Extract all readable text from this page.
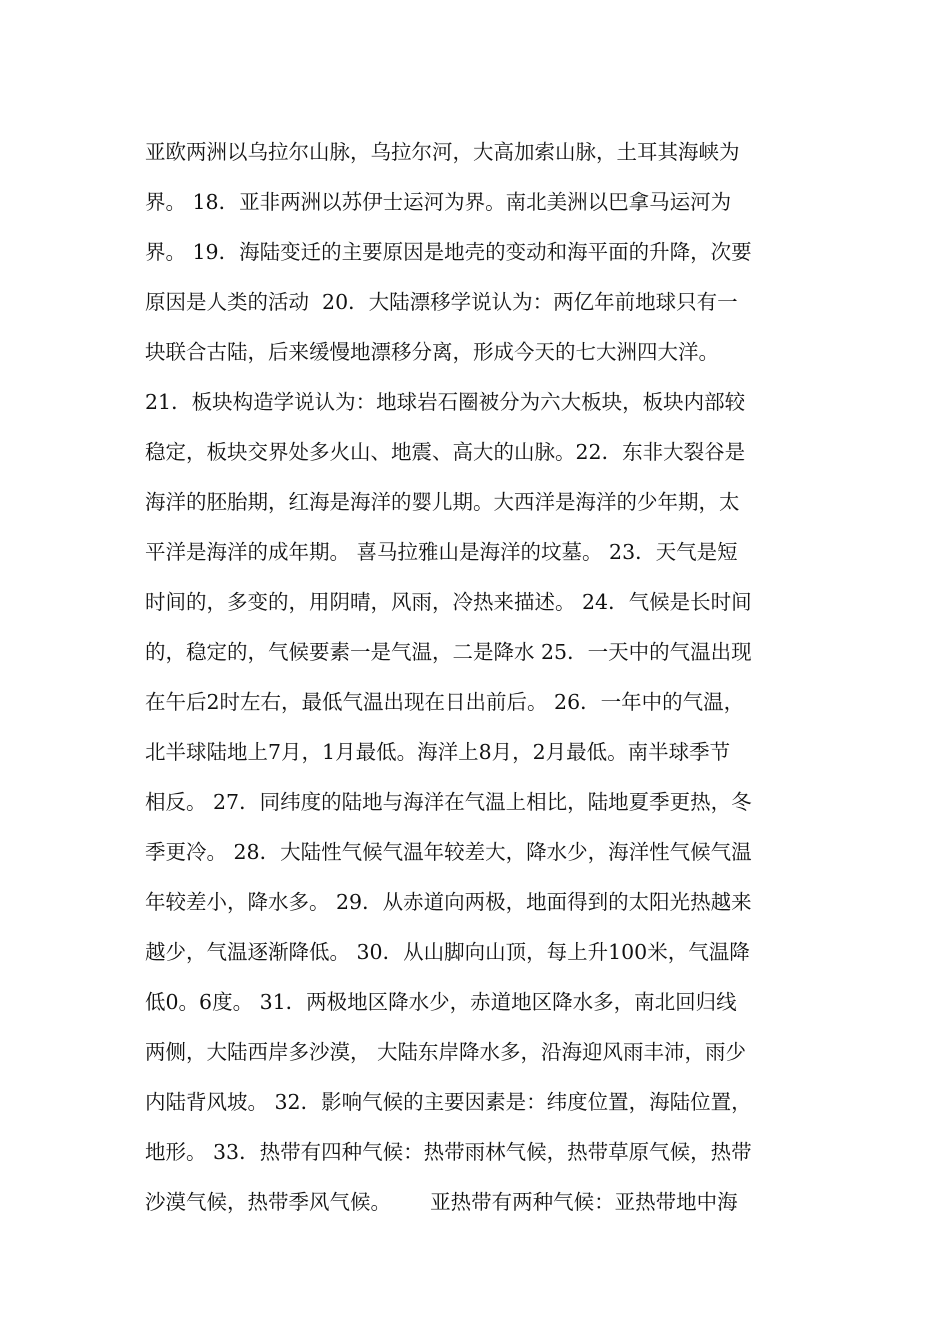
亚欧两洲以乌拉尔山脉，乌拉尔河，大高加索山脉，土耳其海峡为
界。 18．亚非两洲以苏伊士运河为界。南北美洲以巴拿马运河为
界。 19．海陆变迁的主要原因是地壳的变动和海平面的升降，次要
原因是人类的活动  20．大陆漂移学说认为：两亿年前地球只有一
块联合古陆，后来缓慢地漂移分离，形成今天的七大洲四大洋。
21．板块构造学说认为：地球岩石圈被分为六大板块，板块内部较
稳定，板块交界处多火山、地震、高大的山脉。22．东非大裂谷是
海洋的胚胎期，红海是海洋的婴儿期。大西洋是海洋的少年期，太
平洋是海洋的成年期。 喜马拉雅山是海洋的坟墓。 23．天气是短
时间的，多变的，用阴晴，风雨，冷热来描述。 24．气候是长时间
的，稳定的，气候要素一是气温，二是降水 25．一天中的气温出现
在午后2时左右，最低气温出现在日出前后。 26．一年中的气温，
北半球陆地上7月，1月最低。海洋上8月，2月最低。南半球季节
相反。 27．同纬度的陆地与海洋在气温上相比，陆地夏季更热，冬
季更冷。 28．大陆性气候气温年较差大，降水少，海洋性气候气温
年较差小，降水多。 29．从赤道向两极，地面得到的太阳光热越来
越少，气温逐渐降低。 30．从山脚向山顶，每上升100米，气温降
低0。6度。 31．两极地区降水少，赤道地区降水多，南北回归线
两侧，大陆西岸多沙漠， 大陆东岸降水多，沿海迎风雨丰沛，雨少
内陆背风坡。 32．影响气候的主要因素是：纬度位置，海陆位置，
地形。 33．热带有四种气候：热带雨林气候，热带草原气候，热带
沙漠气候，热带季风气候。      亚热带有两种气候：亚热带地中海
